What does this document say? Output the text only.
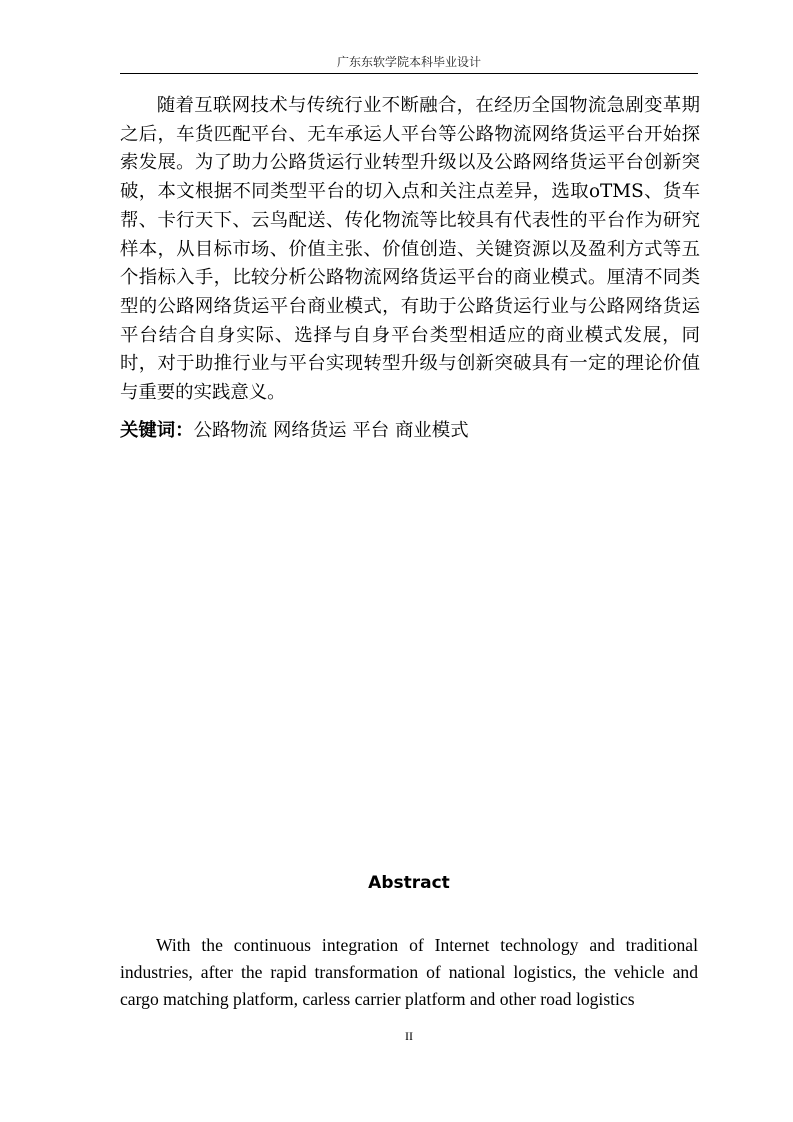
广东东软学院本科毕业设计

随着互联网技术与传统行业不断融合，在经历全国物流急剧变革期之后，车货匹配平台、无车承运人平台等公路物流网络货运平台开始探索发展。为了助力公路货运行业转型升级以及公路网络货运平台创新突破，本文根据不同类型平台的切入点和关注点差异，选取oTMS、货车帮、卡行天下、云鸟配送、传化物流等比较具有代表性的平台作为研究样本，从目标市场、价值主张、价值创造、关键资源以及盈利方式等五个指标入手，比较分析公路物流网络货运平台的商业模式。厘清不同类型的公路网络货运平台商业模式，有助于公路货运行业与公路网络货运平台结合自身实际、选择与自身平台类型相适应的商业模式发展，同时，对于助推行业与平台实现转型升级与创新突破具有一定的理论价值与重要的实践意义。

关键词：公路物流 网络货运 平台 商业模式

Abstract

With the continuous integration of Internet technology and traditional industries, after the rapid transformation of national logistics, the vehicle and cargo matching platform, carless carrier platform and other road logistics

II
